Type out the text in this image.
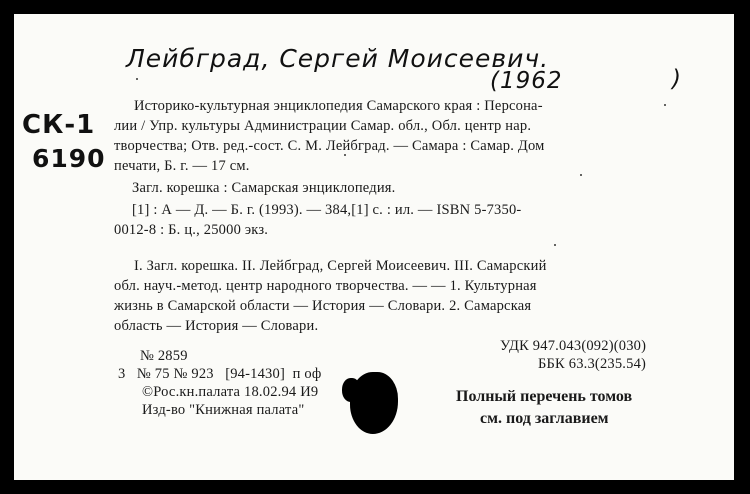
Лейбград, Сергей Моисеевич.
(1962	)
СК-1
6190
Историко-культурная энциклопедия Самарского края : Персона-
лии / Упр. культуры Администрации Самар. обл., Обл. центр нар.
творчества; Отв. ред.-сост. С. М. Лейбград. — Самара : Самар. Дом
печати, Б. г. — 17 см.
Загл. корешка : Самарская энциклопедия.
[1] : А — Д. — Б. г. (1993). — 384,[1] с. : ил. — ISBN 5-7350-
0012-8 : Б. ц., 25000 экз.
I. Загл. корешка. II. Лейбград, Сергей Моисеевич. III. Самарский
обл. науч.-метод. центр народного творчества. — — 1. Культурная
жизнь в Самарской области — История — Словари. 2. Самарская
область — История — Словари.
УДК 947.043(092)(030)
ББК 63.3(235.54)
№ 2859
3   № 75 № 923   [94-1430]  п оф
©Рос.кн.палата 18.02.94 И9
Изд-во "Книжная палата"
Полный перечень томов
см. под заглавием
